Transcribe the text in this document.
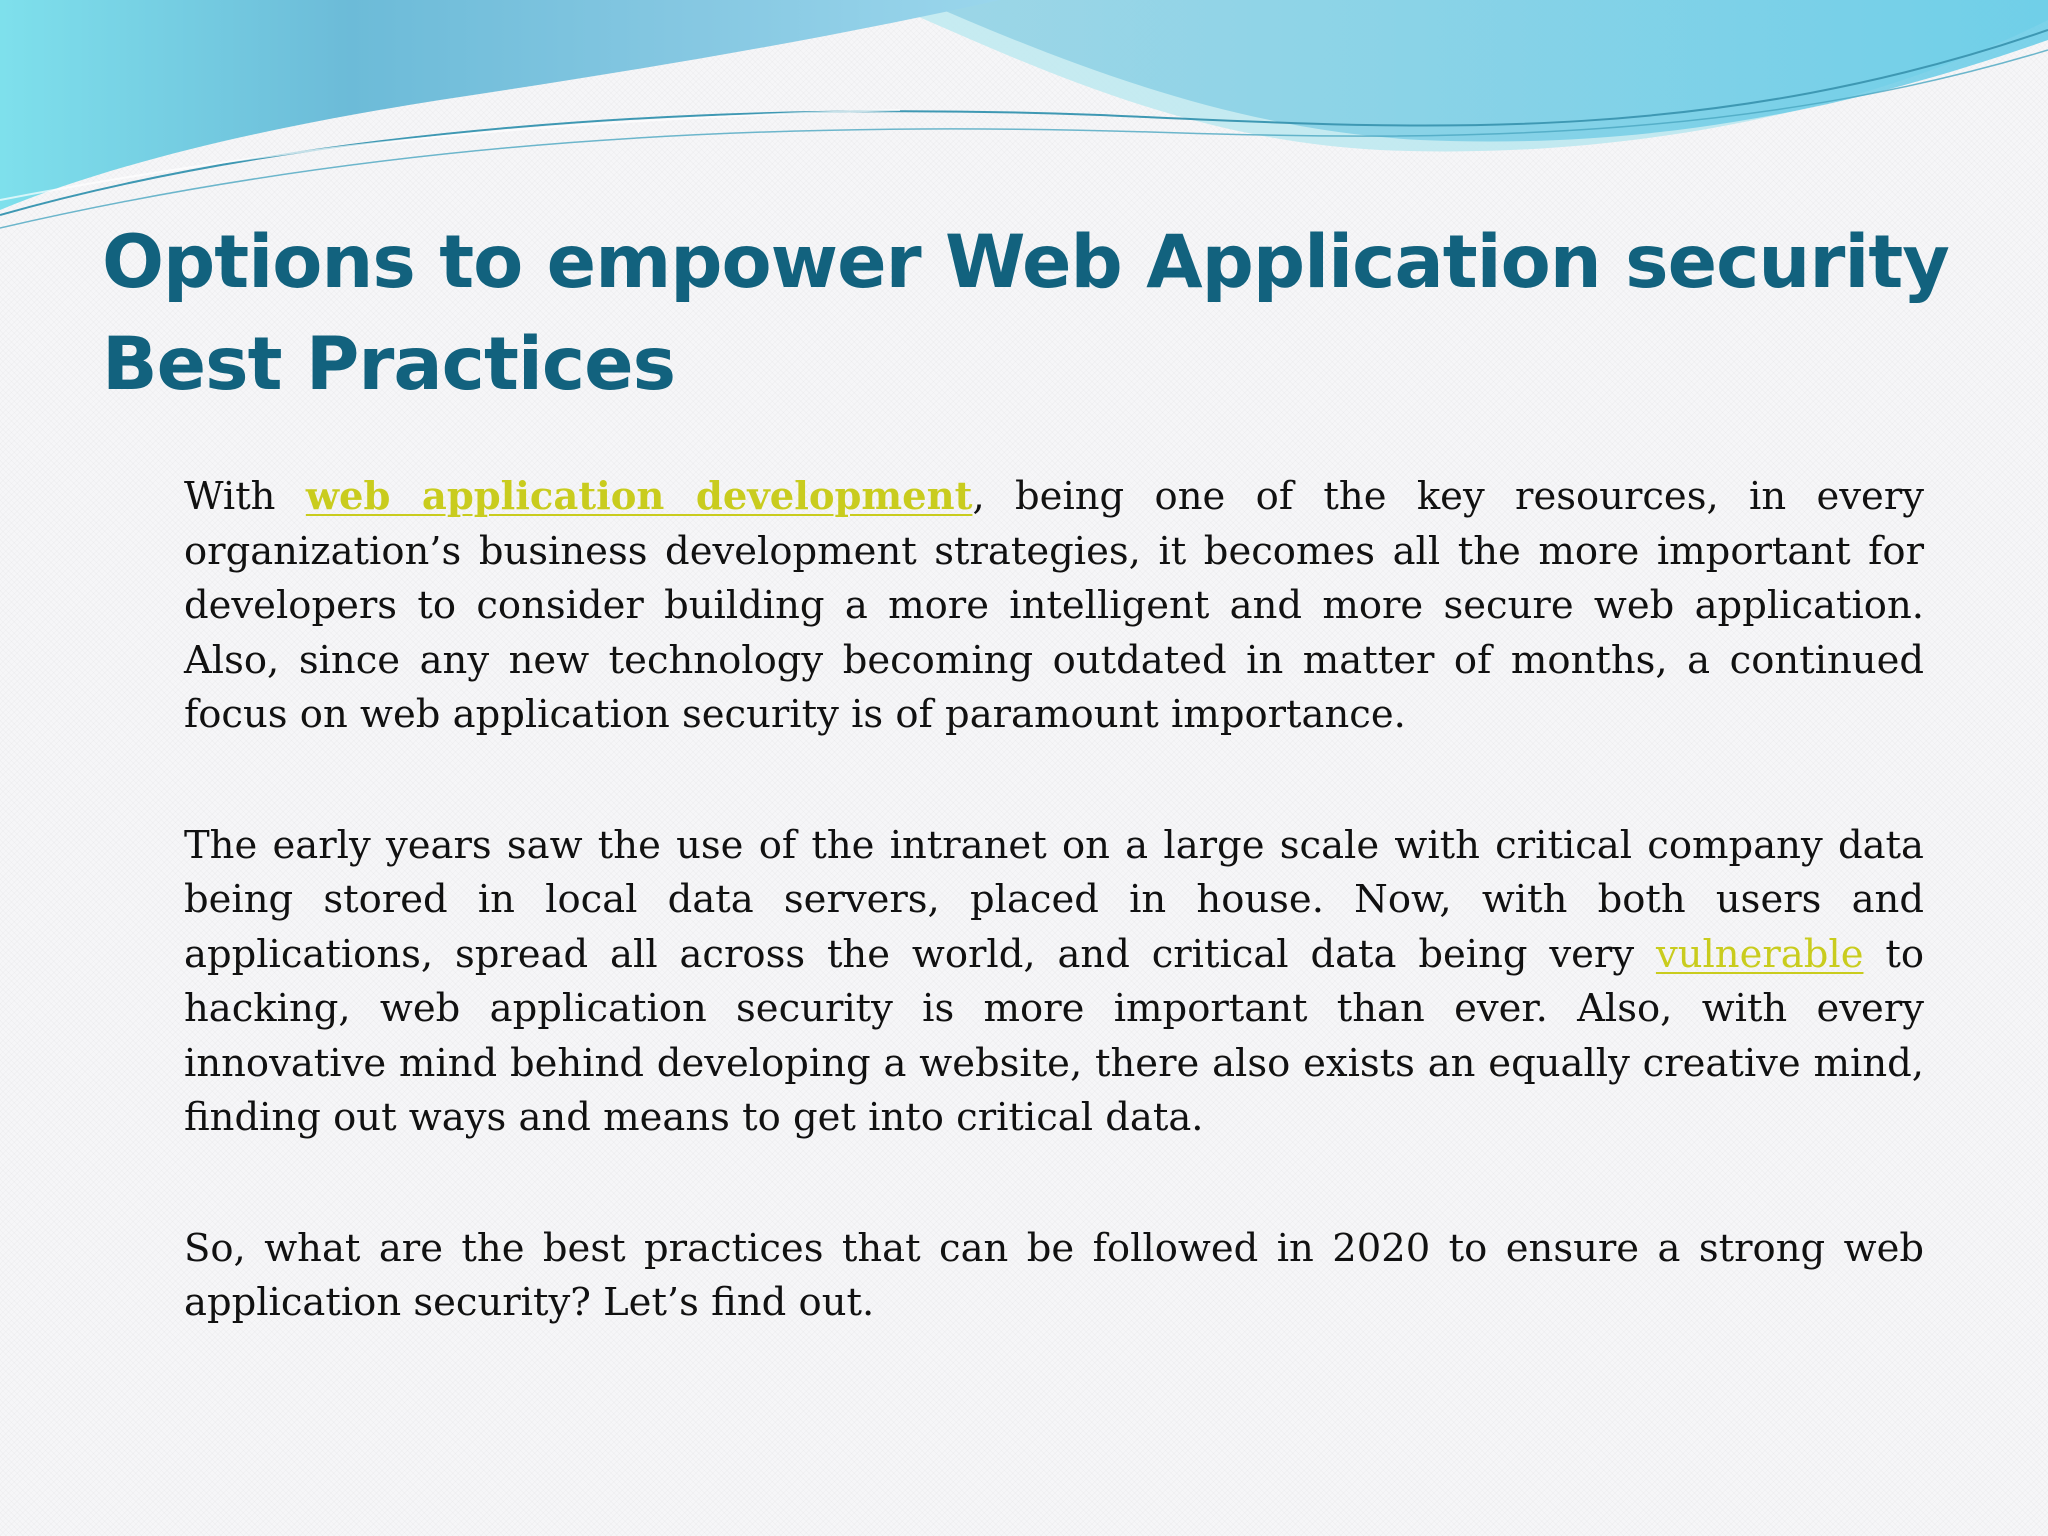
Options to empower Web Application security Best Practices

With web application development, being one of the key resources, in every organization’s business development strategies, it becomes all the more important for developers to consider building a more intelligent and more secure web application. Also, since any new technology becoming outdated in matter of months, a continued focus on web application security is of paramount importance.

The early years saw the use of the intranet on a large scale with critical company data being stored in local data servers, placed in house. Now, with both users and applications, spread all across the world, and critical data being very vulnerable to hacking, web application security is more important than ever. Also, with every innovative mind behind developing a website, there also exists an equally creative mind, finding out ways and means to get into critical data.

So, what are the best practices that can be followed in 2020 to ensure a strong web application security? Let’s find out.
